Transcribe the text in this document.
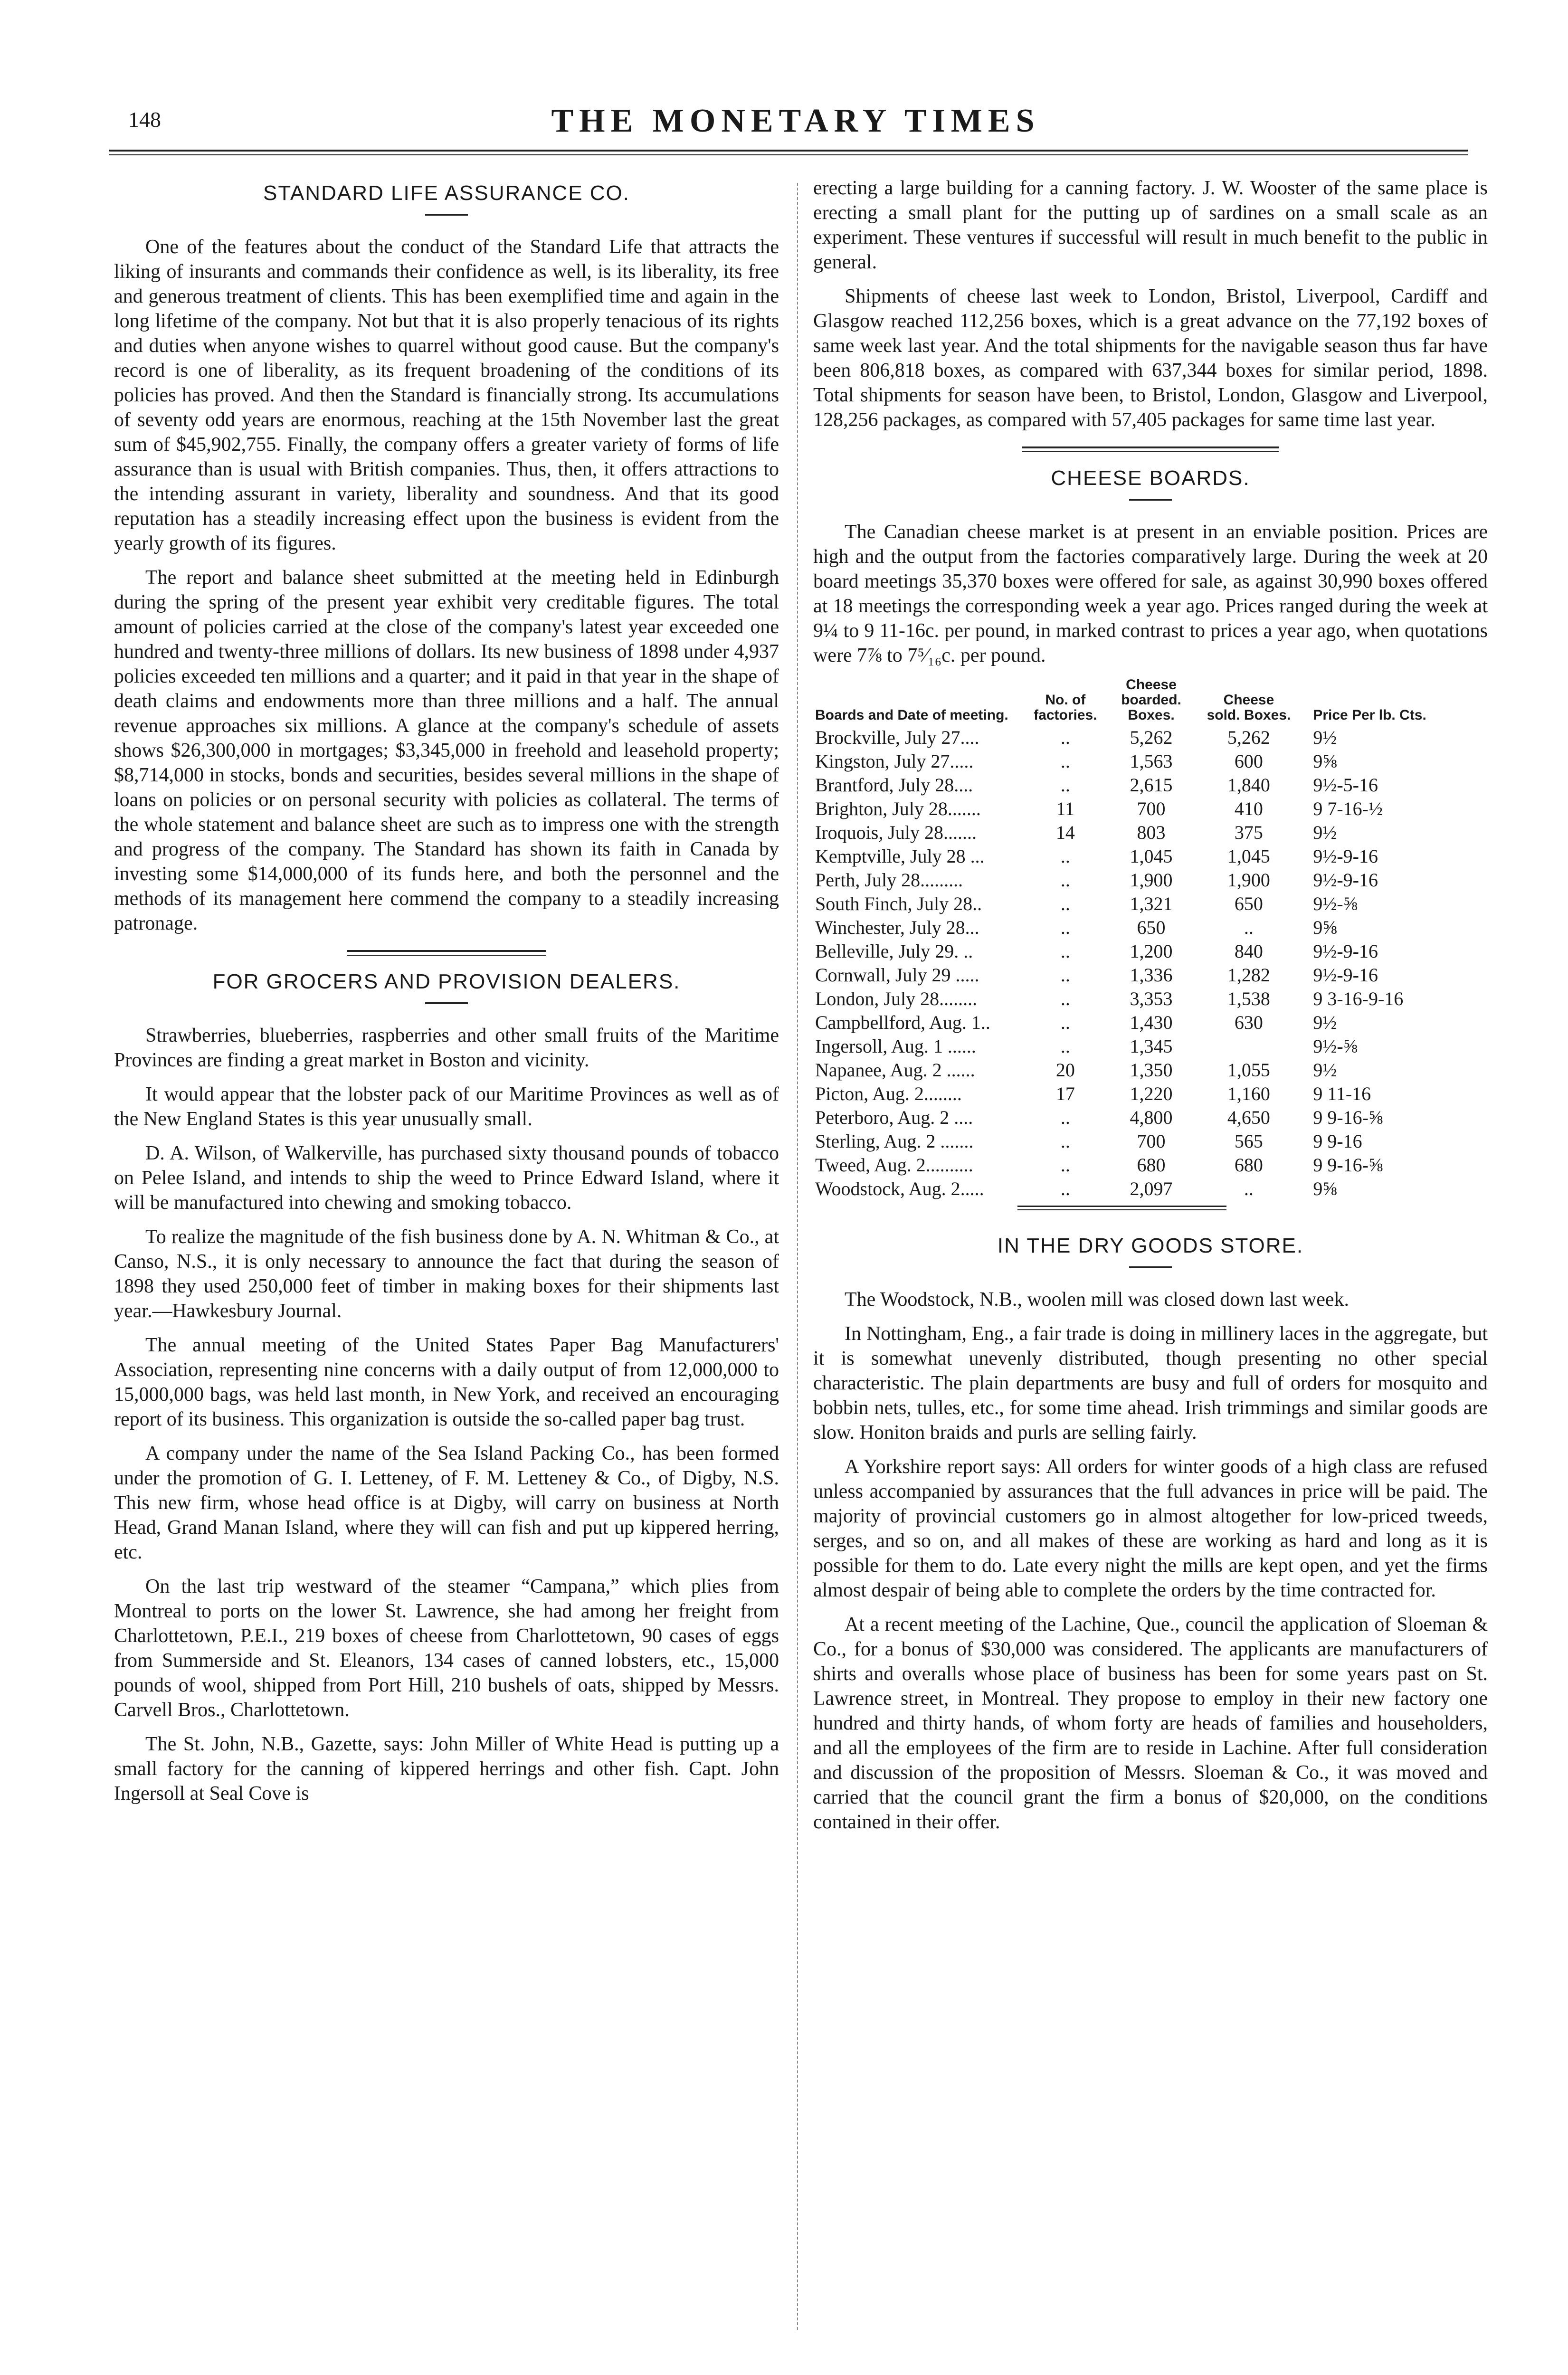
148	THE MONETARY TIMES
STANDARD LIFE ASSURANCE CO.

One of the features about the conduct of the Standard Life that attracts the liking of insurants and commands their confidence as well, is its liberality, its free and generous treatment of clients. This has been exemplified time and again in the long lifetime of the company. Not but that it is also properly tenacious of its rights and duties when anyone wishes to quarrel without good cause. But the company's record is one of liberality, as its frequent broadening of the conditions of its policies has proved. And then the Standard is financially strong. Its accumulations of seventy odd years are enormous, reaching at the 15th November last the great sum of $45,902,755. Finally, the company offers a greater variety of forms of life assurance than is usual with British companies. Thus, then, it offers attractions to the intending assurant in variety, liberality and soundness. And that its good reputation has a steadily increasing effect upon the business is evident from the yearly growth of its figures.

The report and balance sheet submitted at the meeting held in Edinburgh during the spring of the present year exhibit very creditable figures. The total amount of policies carried at the close of the company's latest year exceeded one hundred and twenty-three millions of dollars. Its new business of 1898 under 4,937 policies exceeded ten millions and a quarter; and it paid in that year in the shape of death claims and endowments more than three millions and a half. The annual revenue approaches six millions. A glance at the company's schedule of assets shows $26,300,000 in mortgages; $3,345,000 in freehold and leasehold property; $8,714,000 in stocks, bonds and securities, besides several millions in the shape of loans on policies or on personal security with policies as collateral. The terms of the whole statement and balance sheet are such as to impress one with the strength and progress of the company. The Standard has shown its faith in Canada by investing some $14,000,000 of its funds here, and both the personnel and the methods of its management here commend the company to a steadily increasing patronage.

FOR GROCERS AND PROVISION DEALERS.

Strawberries, blueberries, raspberries and other small fruits of the Maritime Provinces are finding a great market in Boston and vicinity.

It would appear that the lobster pack of our Maritime Provinces as well as of the New England States is this year unusually small.

D. A. Wilson, of Walkerville, has purchased sixty thousand pounds of tobacco on Pelee Island, and intends to ship the weed to Prince Edward Island, where it will be manufactured into chewing and smoking tobacco.

To realize the magnitude of the fish business done by A. N. Whitman & Co., at Canso, N.S., it is only necessary to announce the fact that during the season of 1898 they used 250,000 feet of timber in making boxes for their shipments last year.—Hawkesbury Journal.

The annual meeting of the United States Paper Bag Manufacturers' Association, representing nine concerns with a daily output of from 12,000,000 to 15,000,000 bags, was held last month, in New York, and received an encouraging report of its business. This organization is outside the so-called paper bag trust.

A company under the name of the Sea Island Packing Co., has been formed under the promotion of G. I. Letteney, of F. M. Letteney & Co., of Digby, N.S. This new firm, whose head office is at Digby, will carry on business at North Head, Grand Manan Island, where they will can fish and put up kippered herring, etc.

On the last trip westward of the steamer “Campana,” which plies from Montreal to ports on the lower St. Lawrence, she had among her freight from Charlottetown, P.E.I., 219 boxes of cheese from Charlottetown, 90 cases of eggs from Summerside and St. Eleanors, 134 cases of canned lobsters, etc., 15,000 pounds of wool, shipped from Port Hill, 210 bushels of oats, shipped by Messrs. Carvell Bros., Charlottetown.

The St. John, N.B., Gazette, says: John Miller of White Head is putting up a small factory for the canning of kippered herrings and other fish. Capt. John Ingersoll at Seal Cove is

erecting a large building for a canning factory. J. W. Wooster of the same place is erecting a small plant for the putting up of sardines on a small scale as an experiment. These ventures if successful will result in much benefit to the public in general.

Shipments of cheese last week to London, Bristol, Liverpool, Cardiff and Glasgow reached 112,256 boxes, which is a great advance on the 77,192 boxes of same week last year. And the total shipments for the navigable season thus far have been 806,818 boxes, as compared with 637,344 boxes for similar period, 1898. Total shipments for season have been, to Bristol, London, Glasgow and Liverpool, 128,256 packages, as compared with 57,405 packages for same time last year.

CHEESE BOARDS.

The Canadian cheese market is at present in an enviable position. Prices are high and the output from the factories comparatively large. During the week at 20 board meetings 35,370 boxes were offered for sale, as against 30,990 boxes offered at 18 meetings the corresponding week a year ago. Prices ranged during the week at 9¼ to 9 11-16c. per pound, in marked contrast to prices a year ago, when quotations were 7⅞ to 7⁵⁄₁₆c. per pound.

Boards and Date of meeting.	No. of factories.	Cheese boarded. Boxes.	Cheese sold. Boxes.	Price Per lb. Cts.
Brockville, July 27....	..	5,262	5,262	9½
Kingston, July 27.....	..	1,563	600	9⅝
Brantford, July 28....	..	2,615	1,840	9½-5-16
Brighton, July 28.......	11	700	410	9 7-16-½
Iroquois, July 28.......	14	803	375	9½
Kemptville, July 28 ...	..	1,045	1,045	9½-9-16
Perth, July 28.........	..	1,900	1,900	9½-9-16
South Finch, July 28..	..	1,321	650	9½-⅝
Winchester, July 28...	..	650	..	9⅝
Belleville, July 29. ..	..	1,200	840	9½-9-16
Cornwall, July 29 .....	..	1,336	1,282	9½-9-16
London, July 28........	..	3,353	1,538	9 3-16-9-16
Campbellford, Aug. 1..	..	1,430	630	9½
Ingersoll, Aug. 1 ......	..	1,345		9½-⅝
Napanee, Aug. 2 ......	20	1,350	1,055	9½
Picton, Aug. 2........	17	1,220	1,160	9 11-16
Peterboro, Aug. 2 ....	..	4,800	4,650	9 9-16-⅝
Sterling, Aug. 2 .......	..	700	565	9 9-16
Tweed, Aug. 2..........	..	680	680	9 9-16-⅝
Woodstock, Aug. 2.....	..	2,097	..	9⅝
IN THE DRY GOODS STORE.

The Woodstock, N.B., woolen mill was closed down last week.

In Nottingham, Eng., a fair trade is doing in millinery laces in the aggregate, but it is somewhat unevenly distributed, though presenting no other special characteristic. The plain departments are busy and full of orders for mosquito and bobbin nets, tulles, etc., for some time ahead. Irish trimmings and similar goods are slow. Honiton braids and purls are selling fairly.

A Yorkshire report says: All orders for winter goods of a high class are refused unless accompanied by assurances that the full advances in price will be paid. The majority of provincial customers go in almost altogether for low-priced tweeds, serges, and so on, and all makes of these are working as hard and long as it is possible for them to do. Late every night the mills are kept open, and yet the firms almost despair of being able to complete the orders by the time contracted for.

At a recent meeting of the Lachine, Que., council the application of Sloeman & Co., for a bonus of $30,000 was considered. The applicants are manufacturers of shirts and overalls whose place of business has been for some years past on St. Lawrence street, in Montreal. They propose to employ in their new factory one hundred and thirty hands, of whom forty are heads of families and householders, and all the employees of the firm are to reside in Lachine. After full consideration and discussion of the proposition of Messrs. Sloeman & Co., it was moved and carried that the council grant the firm a bonus of $20,000, on the conditions contained in their offer.
